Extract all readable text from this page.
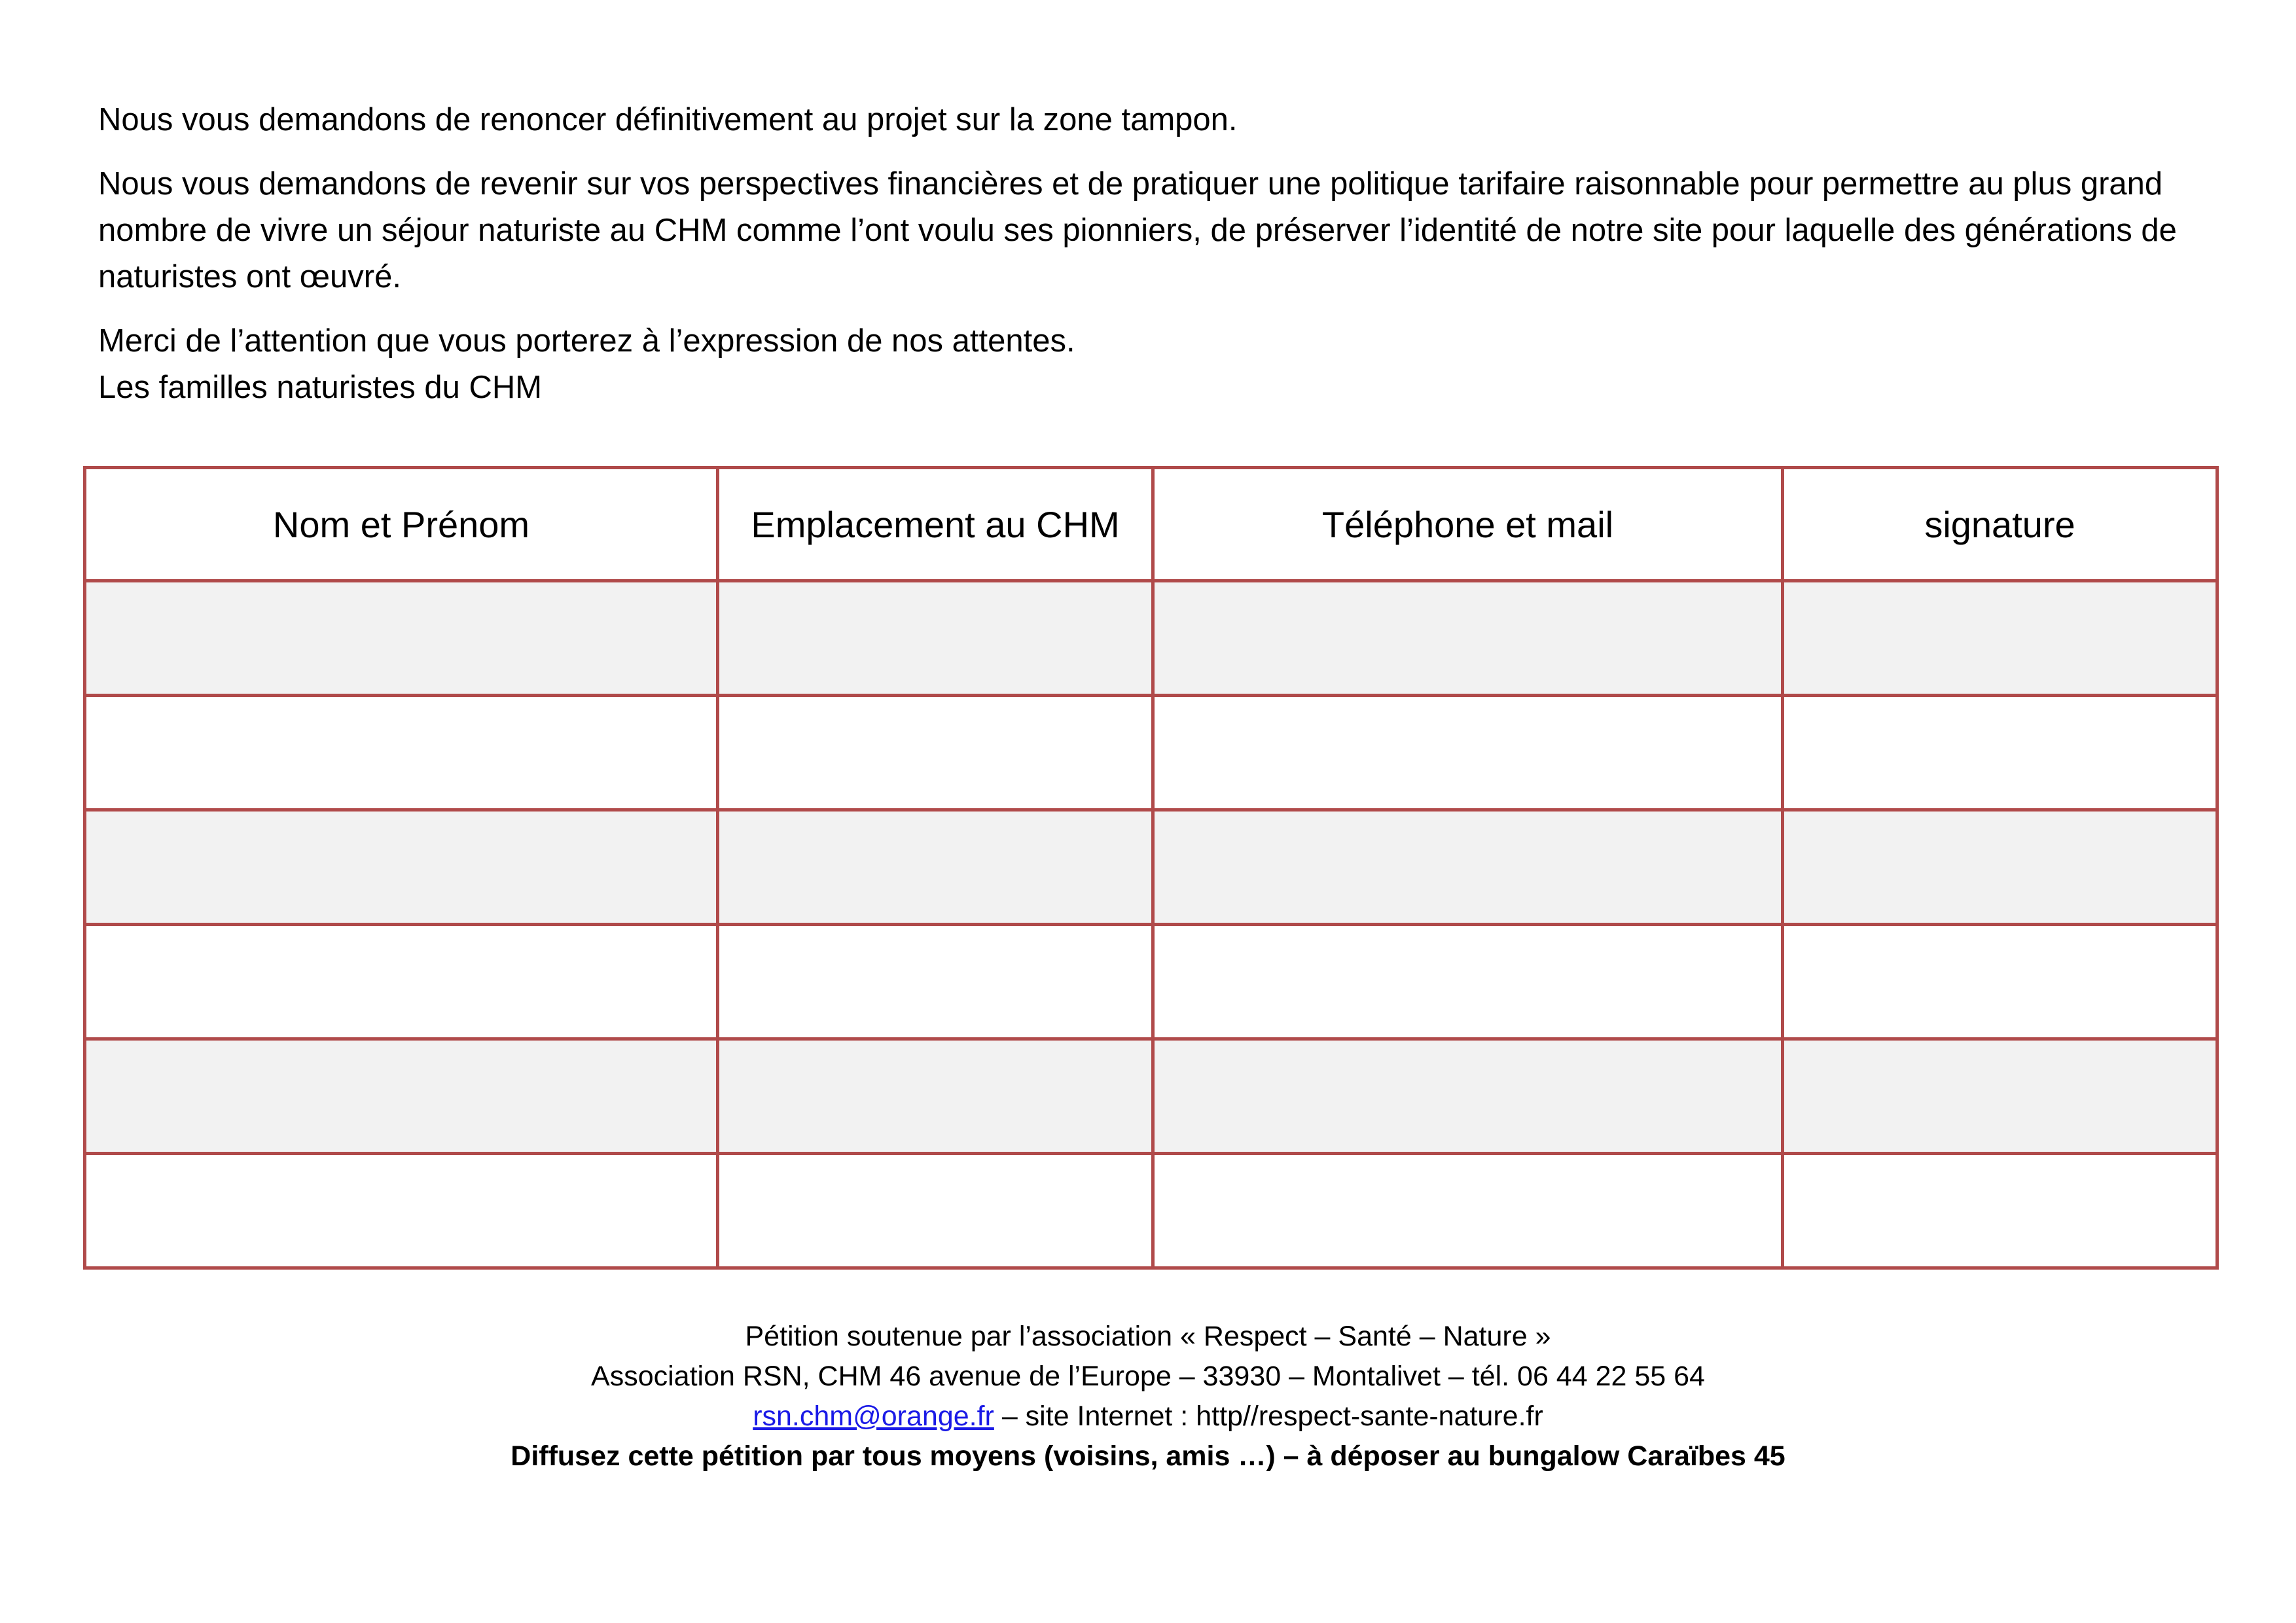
Nous vous demandons de renoncer définitivement au projet sur la zone tampon.

Nous vous demandons de revenir sur vos perspectives financières et de pratiquer une politique tarifaire raisonnable pour permettre au plus grand nombre de vivre un séjour naturiste au CHM comme l’ont voulu ses pionniers, de préserver l’identité de notre site pour laquelle des générations de naturistes ont œuvré.

Merci de l’attention que vous porterez à l’expression de nos attentes.

Les familles naturistes du CHM

Nom et Prénom	Emplacement au CHM	Téléphone et mail	signature

Pétition soutenue par l’association « Respect – Santé – Nature »

Association RSN, CHM 46 avenue de l’Europe – 33930 – Montalivet – tél. 06 44 22 55 64

rsn.chm@orange.fr – site Internet : http//respect-sante-nature.fr

Diffusez cette pétition par tous moyens (voisins, amis …) – à déposer au bungalow Caraïbes 45
